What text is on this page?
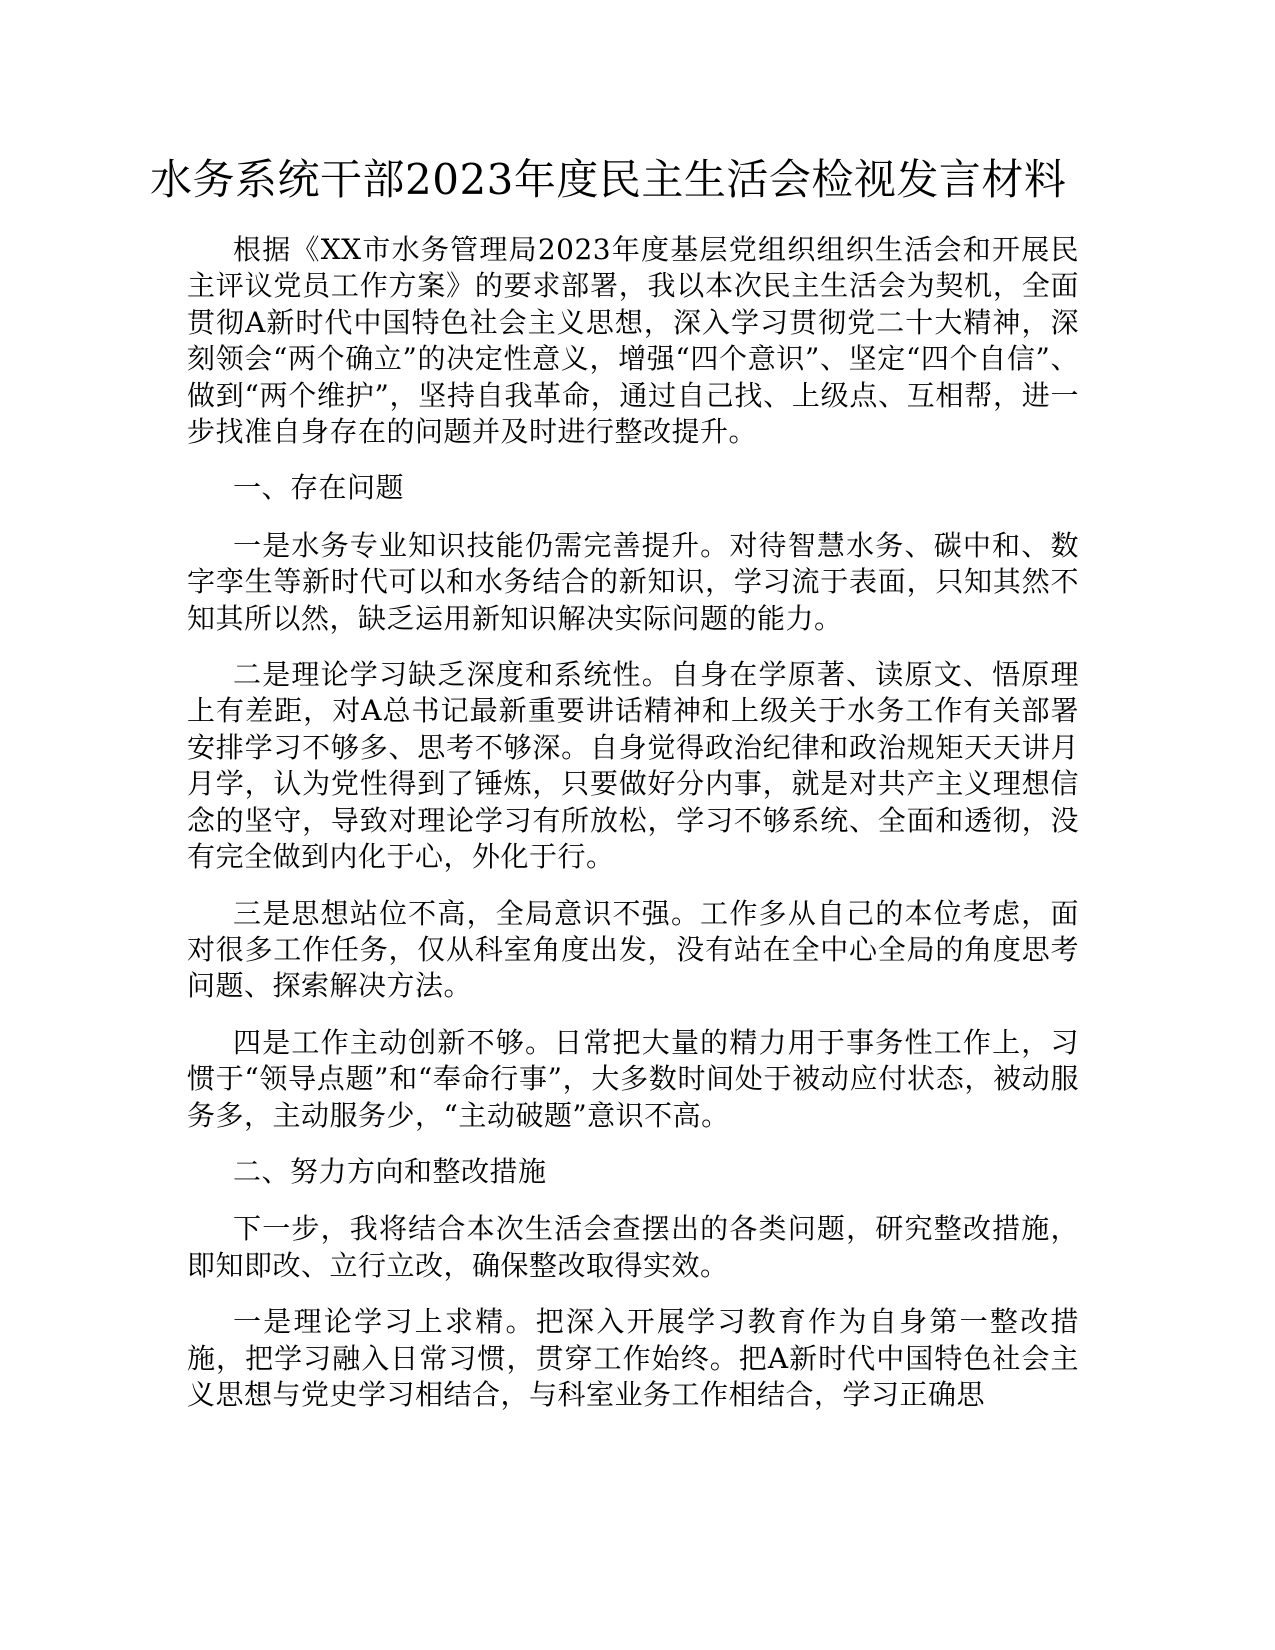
水务系统干部2023年度民主生活会检视发言材料

根据《XX市水务管理局2023年度基层党组织组织生活会和开展民主评议党员工作方案》的要求部署，我以本次民主生活会为契机，全面贯彻A新时代中国特色社会主义思想，深入学习贯彻党二十大精神，深刻领会“两个确立”的决定性意义，增强“四个意识”、坚定“四个自信”、做到“两个维护”，坚持自我革命，通过自己找、上级点、互相帮，进一步找准自身存在的问题并及时进行整改提升。

一、存在问题

一是水务专业知识技能仍需完善提升。对待智慧水务、碳中和、数字孪生等新时代可以和水务结合的新知识，学习流于表面，只知其然不知其所以然，缺乏运用新知识解决实际问题的能力。

二是理论学习缺乏深度和系统性。自身在学原著、读原文、悟原理上有差距，对A总书记最新重要讲话精神和上级关于水务工作有关部署安排学习不够多、思考不够深。自身觉得政治纪律和政治规矩天天讲月月学，认为党性得到了锤炼，只要做好分内事，就是对共产主义理想信念的坚守，导致对理论学习有所放松，学习不够系统、全面和透彻，没有完全做到内化于心，外化于行。

三是思想站位不高，全局意识不强。工作多从自己的本位考虑，面对很多工作任务，仅从科室角度出发，没有站在全中心全局的角度思考问题、探索解决方法。

四是工作主动创新不够。日常把大量的精力用于事务性工作上，习惯于“领导点题”和“奉命行事”，大多数时间处于被动应付状态，被动服务多，主动服务少，“主动破题”意识不高。

二、努力方向和整改措施

下一步，我将结合本次生活会查摆出的各类问题，研究整改措施，即知即改、立行立改，确保整改取得实效。

一是理论学习上求精。把深入开展学习教育作为自身第一整改措施，把学习融入日常习惯，贯穿工作始终。把A新时代中国特色社会主义思想与党史学习相结合，与科室业务工作相结合，学习正确思
